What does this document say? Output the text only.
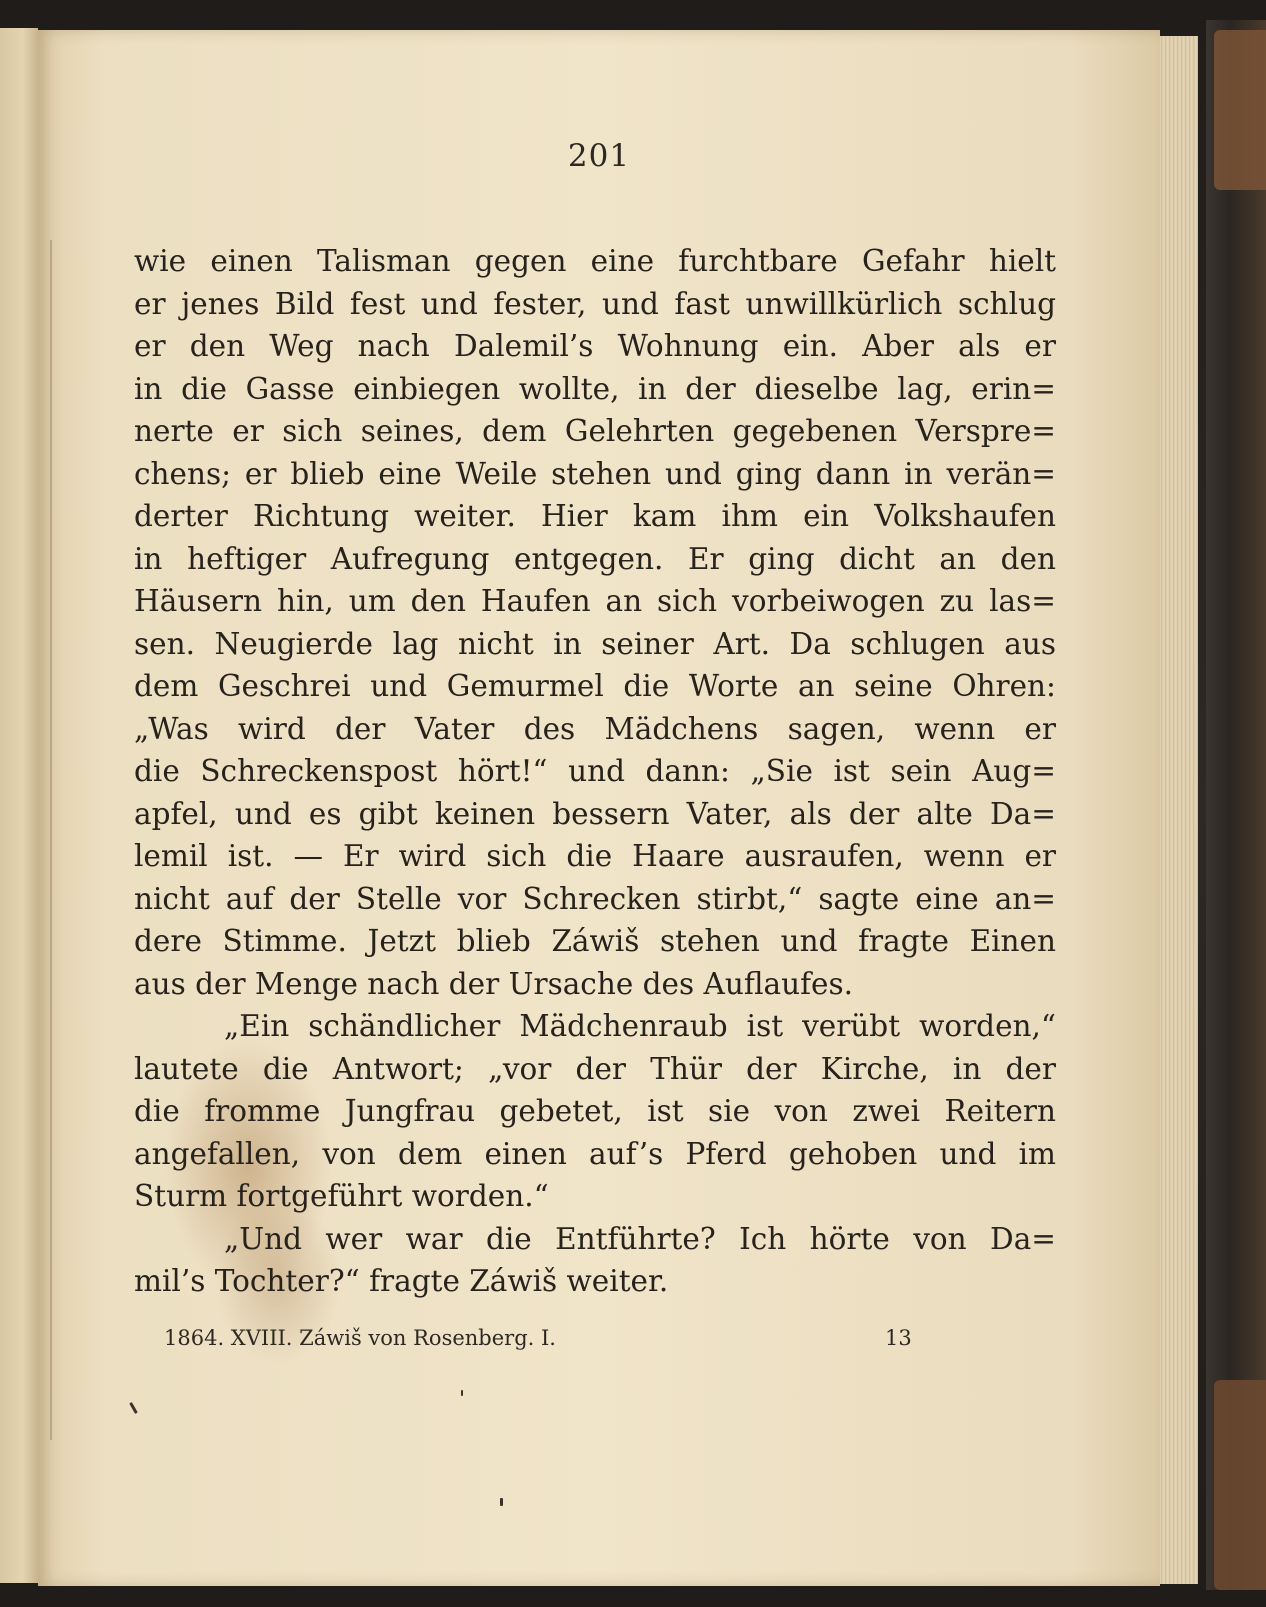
201
wie einen Talisman gegen eine furchtbare Gefahr hielt
er jenes Bild fest und fester, und fast unwillkürlich schlug
er den Weg nach Dalemil’s Wohnung ein. Aber als er
in die Gasse einbiegen wollte, in der dieselbe lag, erin=
nerte er sich seines, dem Gelehrten gegebenen Verspre=
chens; er blieb eine Weile stehen und ging dann in verän=
derter Richtung weiter. Hier kam ihm ein Volkshaufen
in heftiger Aufregung entgegen. Er ging dicht an den
Häusern hin, um den Haufen an sich vorbeiwogen zu las=
sen. Neugierde lag nicht in seiner Art. Da schlugen aus
dem Geschrei und Gemurmel die Worte an seine Ohren:
„Was wird der Vater des Mädchens sagen, wenn er
die Schreckenspost hört!“ und dann: „Sie ist sein Aug=
apfel, und es gibt keinen bessern Vater, als der alte Da=
lemil ist. — Er wird sich die Haare ausraufen, wenn er
nicht auf der Stelle vor Schrecken stirbt,“ sagte eine an=
dere Stimme. Jetzt blieb Záwiš stehen und fragte Einen
aus der Menge nach der Ursache des Auflaufes.
„Ein schändlicher Mädchenraub ist verübt worden,“
lautete die Antwort; „vor der Thür der Kirche, in der
die fromme Jungfrau gebetet, ist sie von zwei Reitern
angefallen, von dem einen auf’s Pferd gehoben und im
Sturm fortgeführt worden.“
„Und wer war die Entführte? Ich hörte von Da=
mil’s Tochter?“ fragte Záwiš weiter.
1864. XVIII. Záwiš von Rosenberg. I.	13
